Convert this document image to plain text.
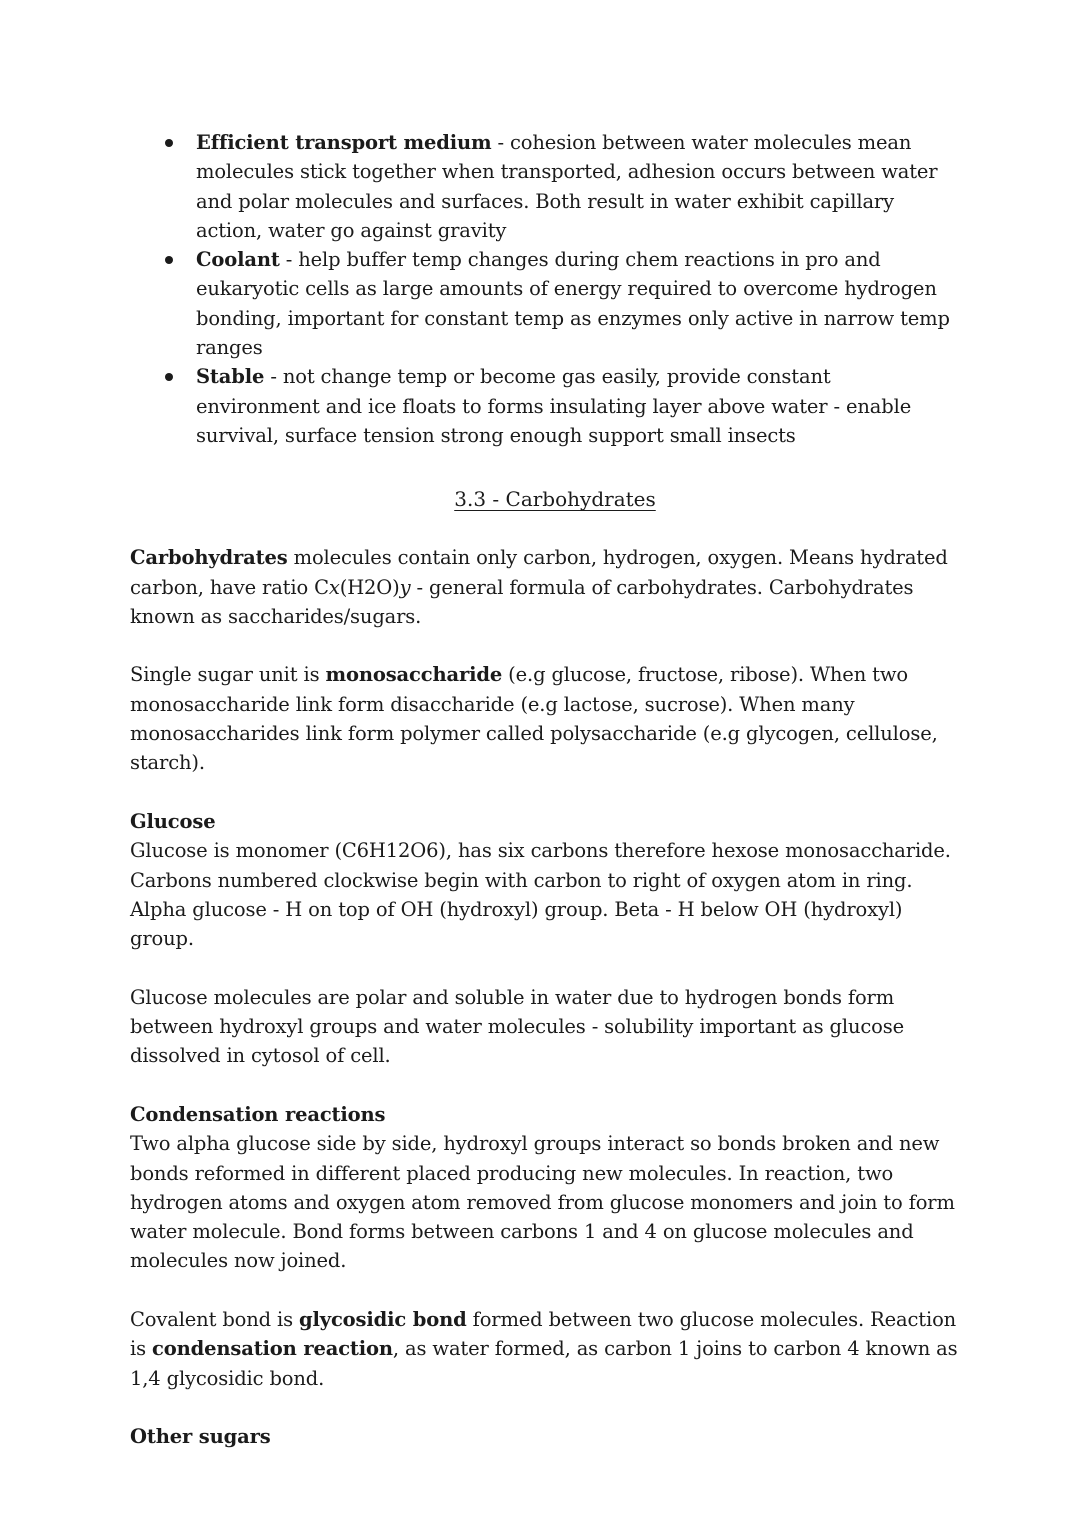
Efficient transport medium - cohesion between water molecules mean molecules stick together when transported, adhesion occurs between water and polar molecules and surfaces. Both result in water exhibit capillary action, water go against gravity
Coolant - help buffer temp changes during chem reactions in pro and eukaryotic cells as large amounts of energy required to overcome hydrogen bonding, important for constant temp as enzymes only active in narrow temp ranges
Stable - not change temp or become gas easily, provide constant environment and ice floats to forms insulating layer above water - enable survival, surface tension strong enough support small insects
3.3 - Carbohydrates

Carbohydrates molecules contain only carbon, hydrogen, oxygen. Means hydrated carbon, have ratio Cx(H2O)y - general formula of carbohydrates. Carbohydrates known as saccharides/sugars.

Single sugar unit is monosaccharide (e.g glucose, fructose, ribose). When two monosaccharide link form disaccharide (e.g lactose, sucrose). When many monosaccharides link form polymer called polysaccharide (e.g glycogen, cellulose, starch).

Glucose

Glucose is monomer (C6H12O6), has six carbons therefore hexose monosaccharide. Carbons numbered clockwise begin with carbon to right of oxygen atom in ring. Alpha glucose - H on top of OH (hydroxyl) group. Beta - H below OH (hydroxyl) group.

Glucose molecules are polar and soluble in water due to hydrogen bonds form between hydroxyl groups and water molecules - solubility important as glucose dissolved in cytosol of cell.

Condensation reactions

Two alpha glucose side by side, hydroxyl groups interact so bonds broken and new bonds reformed in different placed producing new molecules. In reaction, two hydrogen atoms and oxygen atom removed from glucose monomers and join to form water molecule. Bond forms between carbons 1 and 4 on glucose molecules and molecules now joined.

Covalent bond is glycosidic bond formed between two glucose molecules. Reaction is condensation reaction, as water formed, as carbon 1 joins to carbon 4 known as 1,4 glycosidic bond.

Other sugars
